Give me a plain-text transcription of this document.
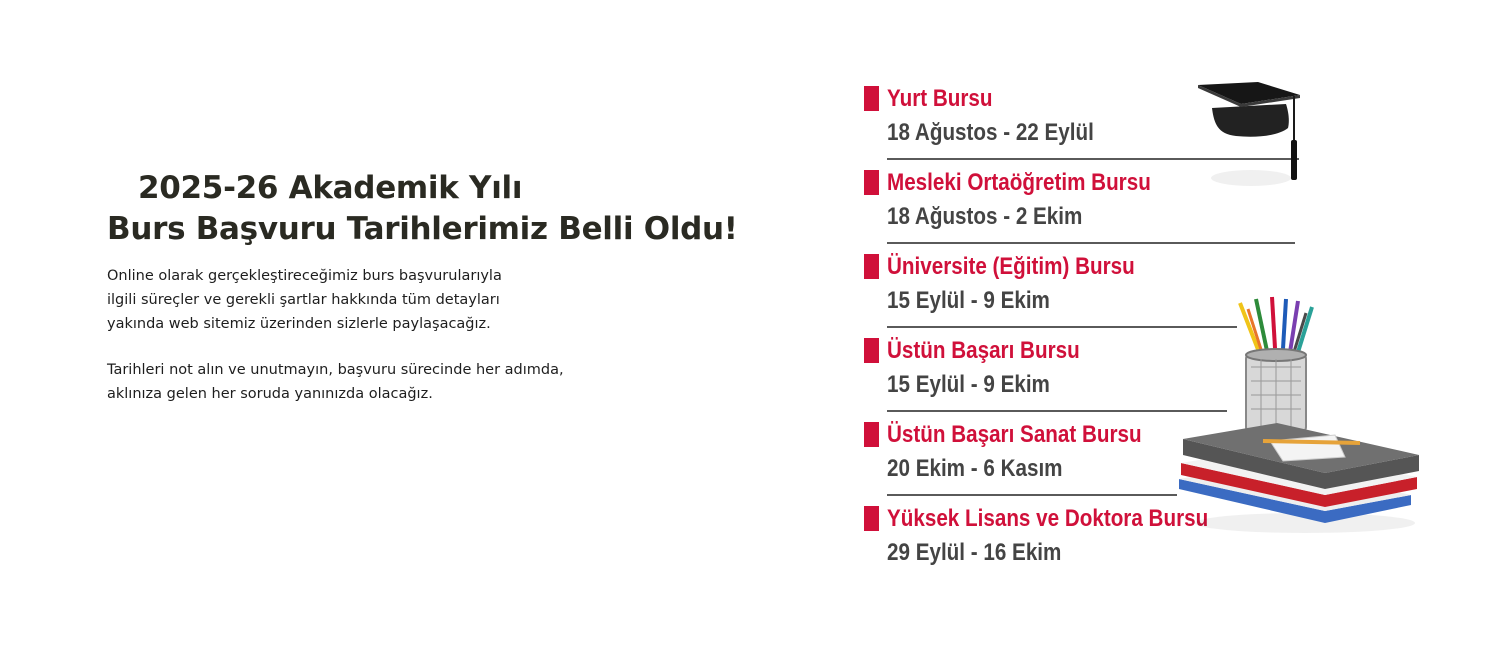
2025-26 Akademik Yılı
Burs Başvuru Tarihlerimiz Belli Oldu!

Online olarak gerçekleştireceğimiz burs başvurularıyla
ilgili süreçler ve gerekli şartlar hakkında tüm detayları
yakında web sitemiz üzerinden sizlerle paylaşacağız.

Tarihleri not alın ve unutmayın, başvuru sürecinde her adımda,
aklınıza gelen her soruda yanınızda olacağız.

Yurt Bursu
18 Ağustos - 22 Eylül
Mesleki Ortaöğretim Bursu
18 Ağustos - 2 Ekim
Üniversite (Eğitim) Bursu
15 Eylül - 9 Ekim
Üstün Başarı Bursu
15 Eylül - 9 Ekim
Üstün Başarı Sanat Bursu
20 Ekim - 6 Kasım
Yüksek Lisans ve Doktora Bursu
29 Eylül - 16 Ekim
